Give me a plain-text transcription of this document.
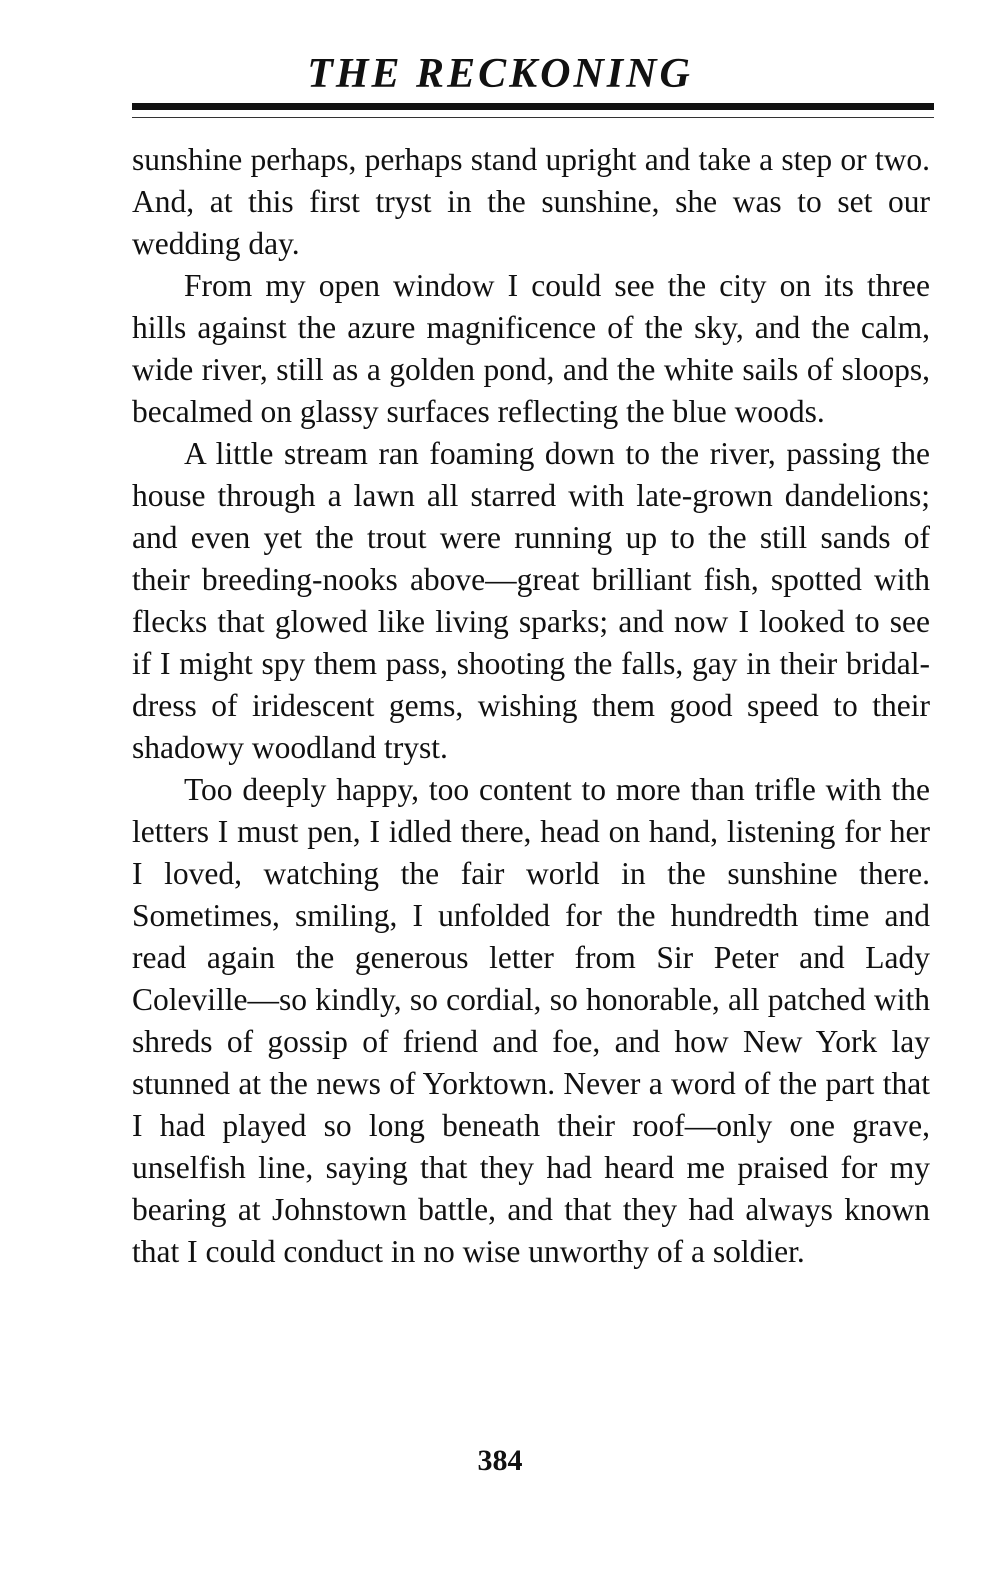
THE RECKONING

sunshine perhaps, perhaps stand upright and take a step or two. And, at this first tryst in the sunshine, she was to set our wedding day.

From my open window I could see the city on its three hills against the azure magnificence of the sky, and the calm, wide river, still as a golden pond, and the white sails of sloops, becalmed on glassy surfaces reflecting the blue woods.

A little stream ran foaming down to the river, passing the house through a lawn all starred with late-grown dandelions; and even yet the trout were running up to the still sands of their breeding-nooks above—great brilliant fish, spotted with flecks that glowed like living sparks; and now I looked to see if I might spy them pass, shooting the falls, gay in their bridal-dress of iridescent gems, wishing them good speed to their shadowy woodland tryst.

Too deeply happy, too content to more than trifle with the letters I must pen, I idled there, head on hand, listening for her I loved, watching the fair world in the sunshine there. Sometimes, smiling, I unfolded for the hundredth time and read again the generous letter from Sir Peter and Lady Coleville—so kindly, so cordial, so honorable, all patched with shreds of gossip of friend and foe, and how New York lay stunned at the news of Yorktown. Never a word of the part that I had played so long beneath their roof—only one grave, unselfish line, saying that they had heard me praised for my bearing at Johnstown battle, and that they had always known that I could conduct in no wise unworthy of a soldier.

384
